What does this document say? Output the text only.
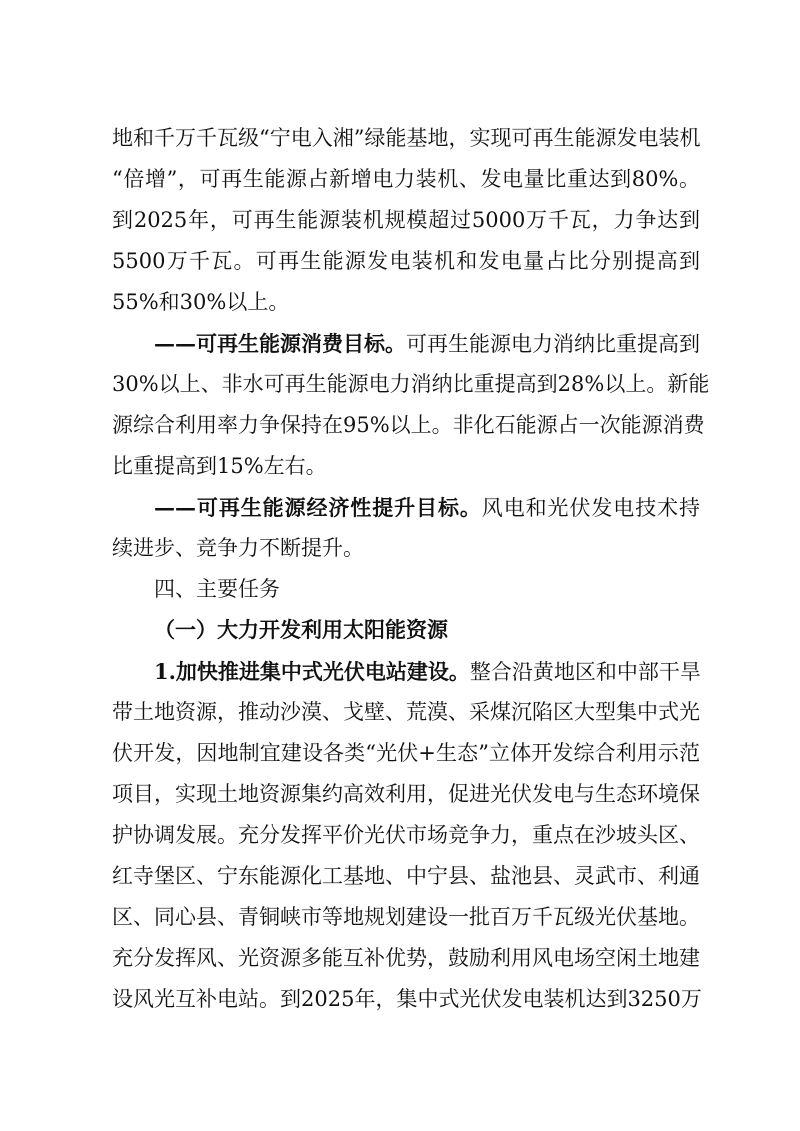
地和千万千瓦级“宁电入湘”绿能基地，实现可再生能源发电装机
“倍增”，可再生能源占新增电力装机、发电量比重达到80%。
到2025年，可再生能源装机规模超过5000万千瓦，力争达到
5500万千瓦。可再生能源发电装机和发电量占比分别提高到
55%和30%以上。
——可再生能源消费目标。可再生能源电力消纳比重提高到
30%以上、非水可再生能源电力消纳比重提高到28%以上。新能
源综合利用率力争保持在95%以上。非化石能源占一次能源消费
比重提高到15%左右。
——可再生能源经济性提升目标。风电和光伏发电技术持
续进步、竞争力不断提升。
四、主要任务
（一）大力开发利用太阳能资源
1.加快推进集中式光伏电站建设。整合沿黄地区和中部干旱
带土地资源，推动沙漠、戈壁、荒漠、采煤沉陷区大型集中式光
伏开发，因地制宜建设各类“光伏+生态”立体开发综合利用示范
项目，实现土地资源集约高效利用，促进光伏发电与生态环境保
护协调发展。充分发挥平价光伏市场竞争力，重点在沙坡头区、
红寺堡区、宁东能源化工基地、中宁县、盐池县、灵武市、利通
区、同心县、青铜峡市等地规划建设一批百万千瓦级光伏基地。
充分发挥风、光资源多能互补优势，鼓励利用风电场空闲土地建
设风光互补电站。到2025年，集中式光伏发电装机达到3250万
